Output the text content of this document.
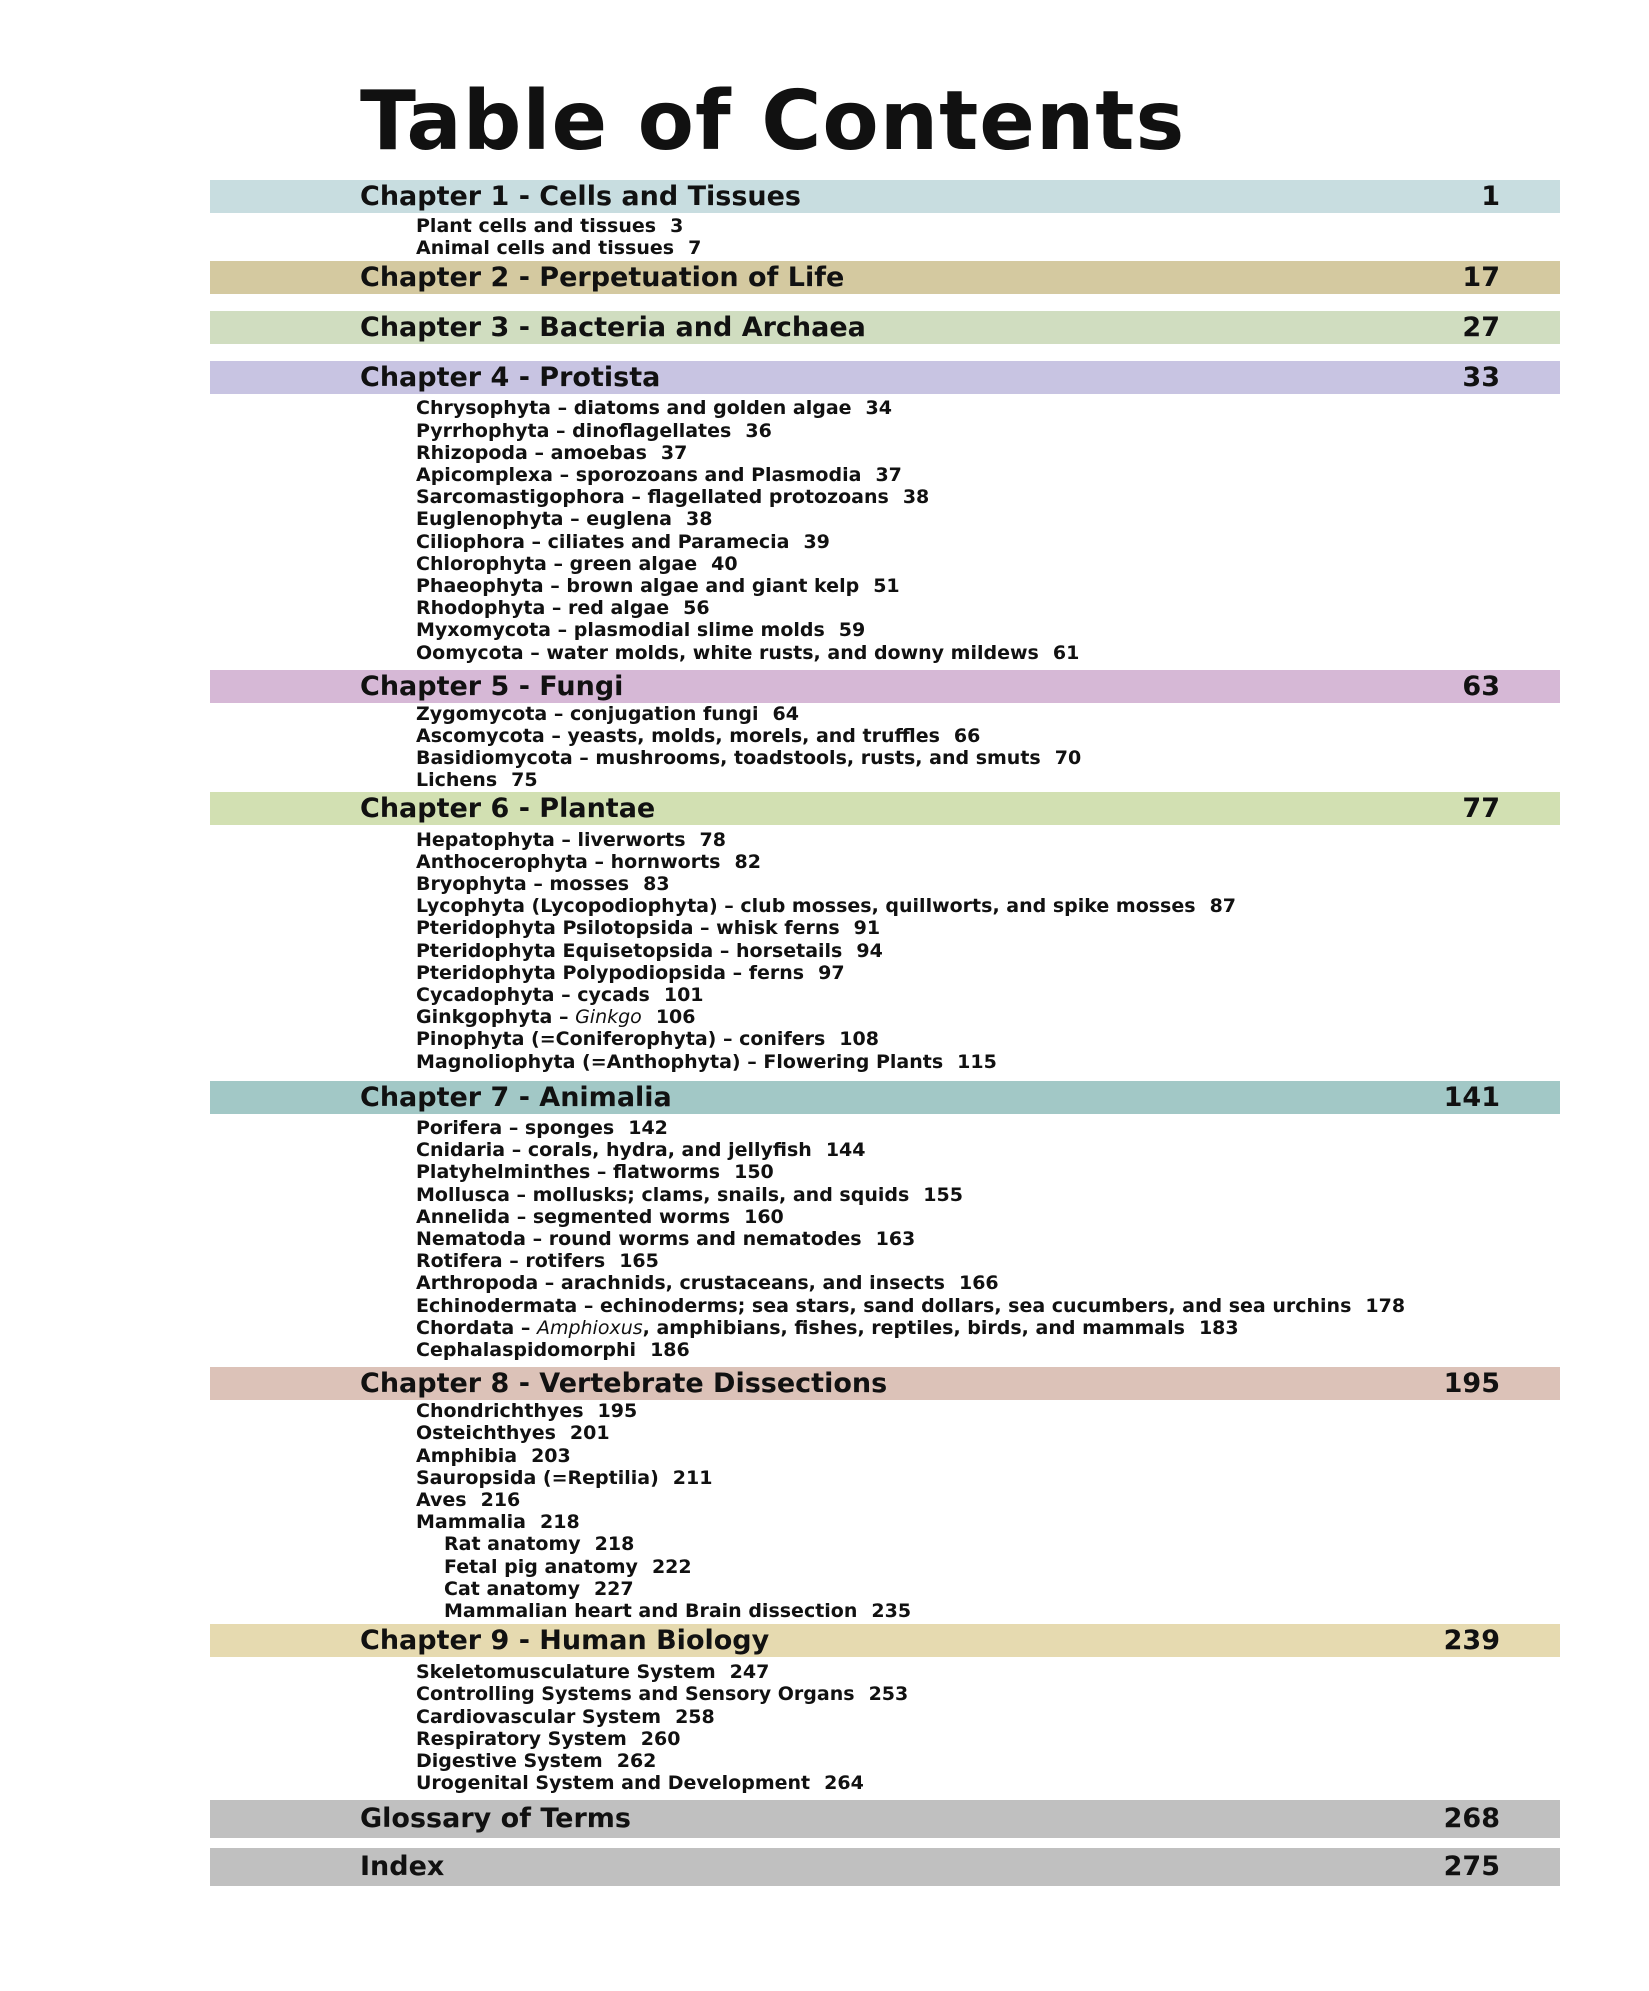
Table of Contents
Chapter 1 - Cells and Tissues	1
Plant cells and tissues 3
Animal cells and tissues 7
Chapter 2 - Perpetuation of Life	17
Chapter 3 - Bacteria and Archaea	27
Chapter 4 - Protista	33
Chrysophyta – diatoms and golden algae 34
Pyrrhophyta – dinoflagellates 36
Rhizopoda – amoebas 37
Apicomplexa – sporozoans and Plasmodia 37
Sarcomastigophora – flagellated protozoans 38
Euglenophyta – euglena 38
Ciliophora – ciliates and Paramecia 39
Chlorophyta – green algae 40
Phaeophyta – brown algae and giant kelp 51
Rhodophyta – red algae 56
Myxomycota – plasmodial slime molds 59
Oomycota – water molds, white rusts, and downy mildews 61
Chapter 5 - Fungi	63
Zygomycota – conjugation fungi 64
Ascomycota – yeasts, molds, morels, and truffles 66
Basidiomycota – mushrooms, toadstools, rusts, and smuts 70
Lichens 75
Chapter 6 - Plantae	77
Hepatophyta – liverworts 78
Anthocerophyta – hornworts 82
Bryophyta – mosses 83
Lycophyta (Lycopodiophyta) – club mosses, quillworts, and spike mosses 87
Pteridophyta Psilotopsida – whisk ferns 91
Pteridophyta Equisetopsida – horsetails 94
Pteridophyta Polypodiopsida – ferns 97
Cycadophyta – cycads 101
Ginkgophyta – Ginkgo 106
Pinophyta (=Coniferophyta) – conifers 108
Magnoliophyta (=Anthophyta) – Flowering Plants 115
Chapter 7 - Animalia	141
Porifera – sponges 142
Cnidaria – corals, hydra, and jellyfish 144
Platyhelminthes – flatworms 150
Mollusca – mollusks; clams, snails, and squids 155
Annelida – segmented worms 160
Nematoda – round worms and nematodes 163
Rotifera – rotifers 165
Arthropoda – arachnids, crustaceans, and insects 166
Echinodermata – echinoderms; sea stars, sand dollars, sea cucumbers, and sea urchins 178
Chordata – Amphioxus, amphibians, fishes, reptiles, birds, and mammals 183
Cephalaspidomorphi 186
Chapter 8 - Vertebrate Dissections	195
Chondrichthyes 195
Osteichthyes 201
Amphibia 203
Sauropsida (=Reptilia) 211
Aves 216
Mammalia 218
Rat anatomy 218
Fetal pig anatomy 222
Cat anatomy 227
Mammalian heart and Brain dissection 235
Chapter 9 - Human Biology	239
Skeletomusculature System 247
Controlling Systems and Sensory Organs 253
Cardiovascular System 258
Respiratory System 260
Digestive System 262
Urogenital System and Development 264
Glossary of Terms	268
Index	275
